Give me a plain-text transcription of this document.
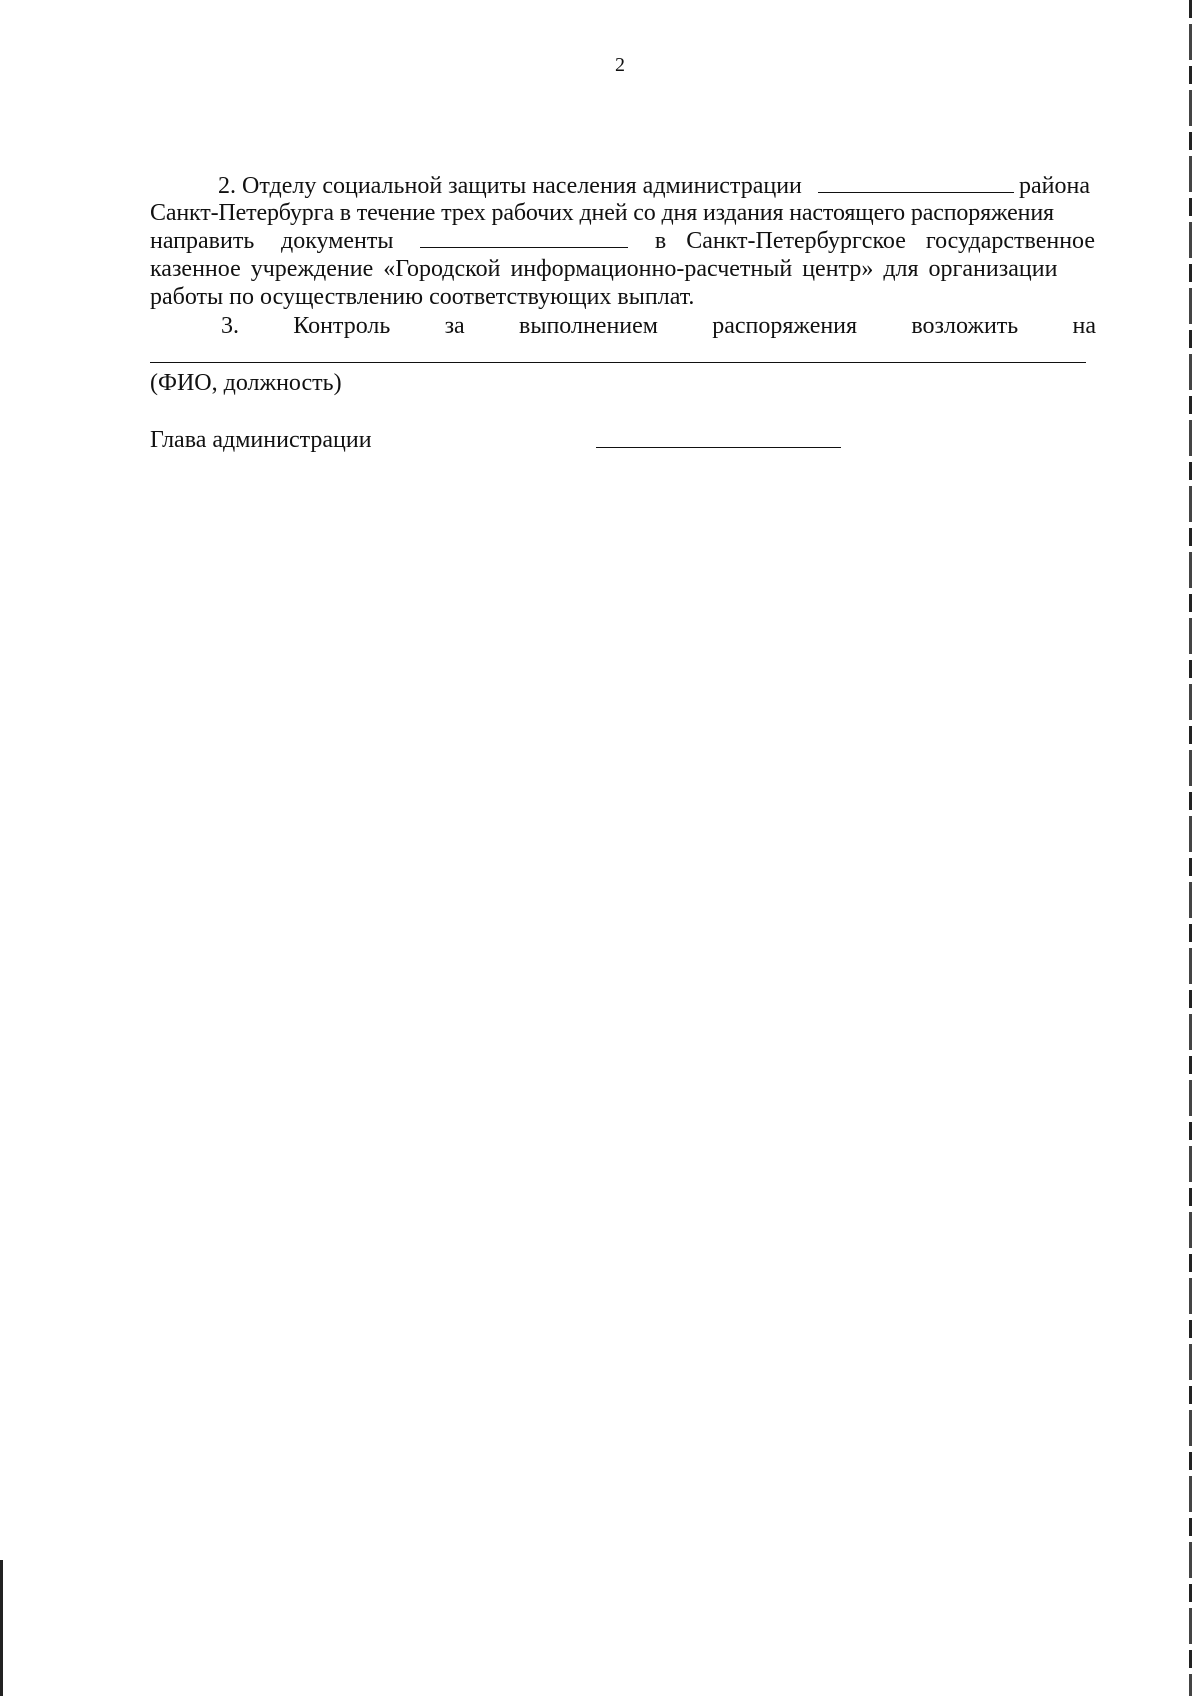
2
2. Отделу социальной защиты населения администрации	района
Санкт-Петербурга в течение трех рабочих дней со дня издания настоящего распоряжения
направить документы	в Санкт-Петербургское государственное
казенное учреждение «Городской информационно-расчетный центр» для организации
работы по осуществлению соответствующих выплат.
3. Контроль за выполнением распоряжения возложить на
(ФИО, должность)
Глава администрации
